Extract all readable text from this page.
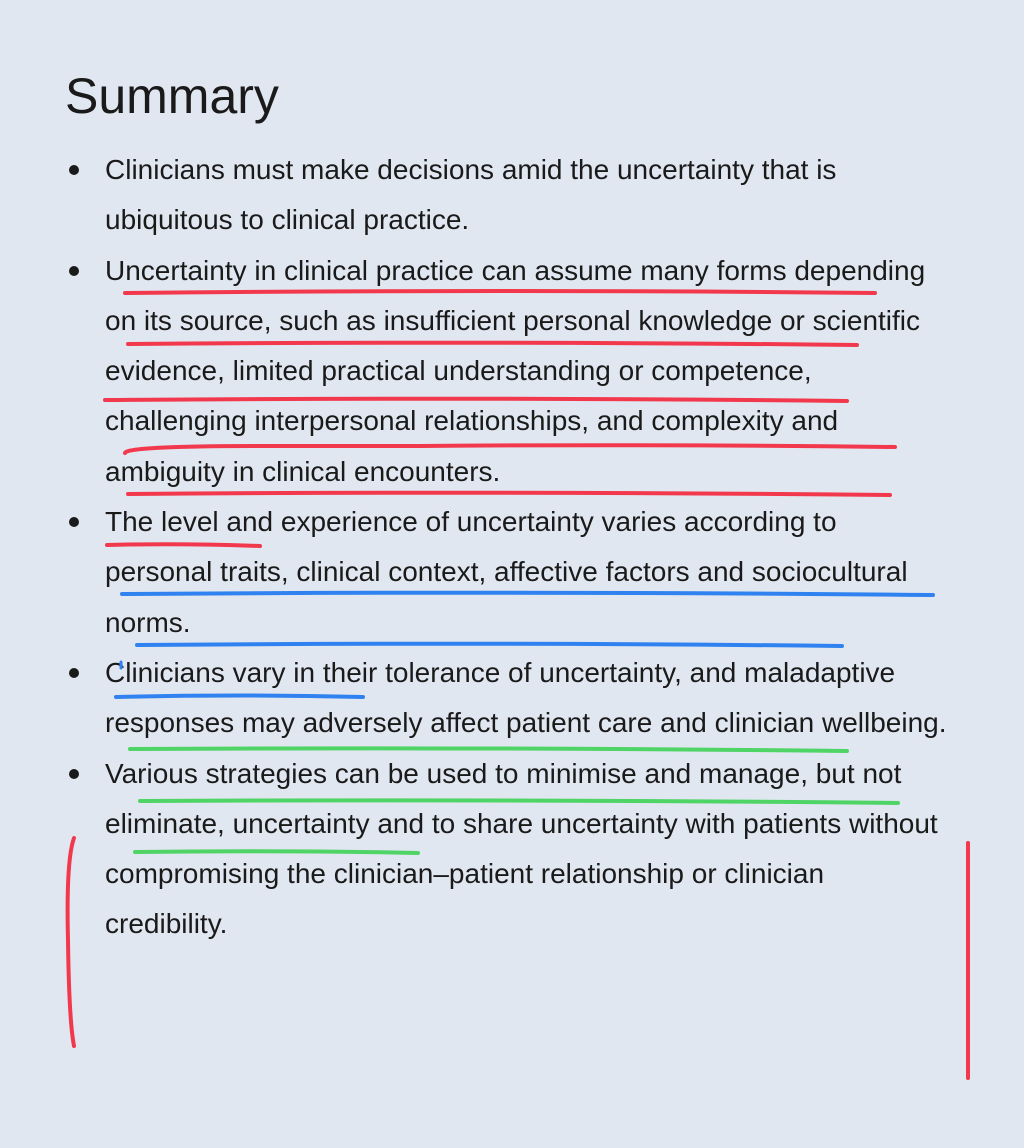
Summary
Clinicians must make decisions amid the uncertainty that is ubiquitous to clinical practice.
Uncertainty in clinical practice can assume many forms depending on its source, such as insufficient personal knowledge or scientific evidence, limited practical understanding or competence, challenging interpersonal relationships, and complexity and ambiguity in clinical encounters.
The level and experience of uncertainty varies according to personal traits, clinical context, affective factors and sociocultural norms.
Clinicians vary in their tolerance of uncertainty, and maladaptive responses may adversely affect patient care and clinician wellbeing.
Various strategies can be used to minimise and manage, but not eliminate, uncertainty and to share uncertainty with patients without compromising the clinician–patient relationship or clinician credibility.
